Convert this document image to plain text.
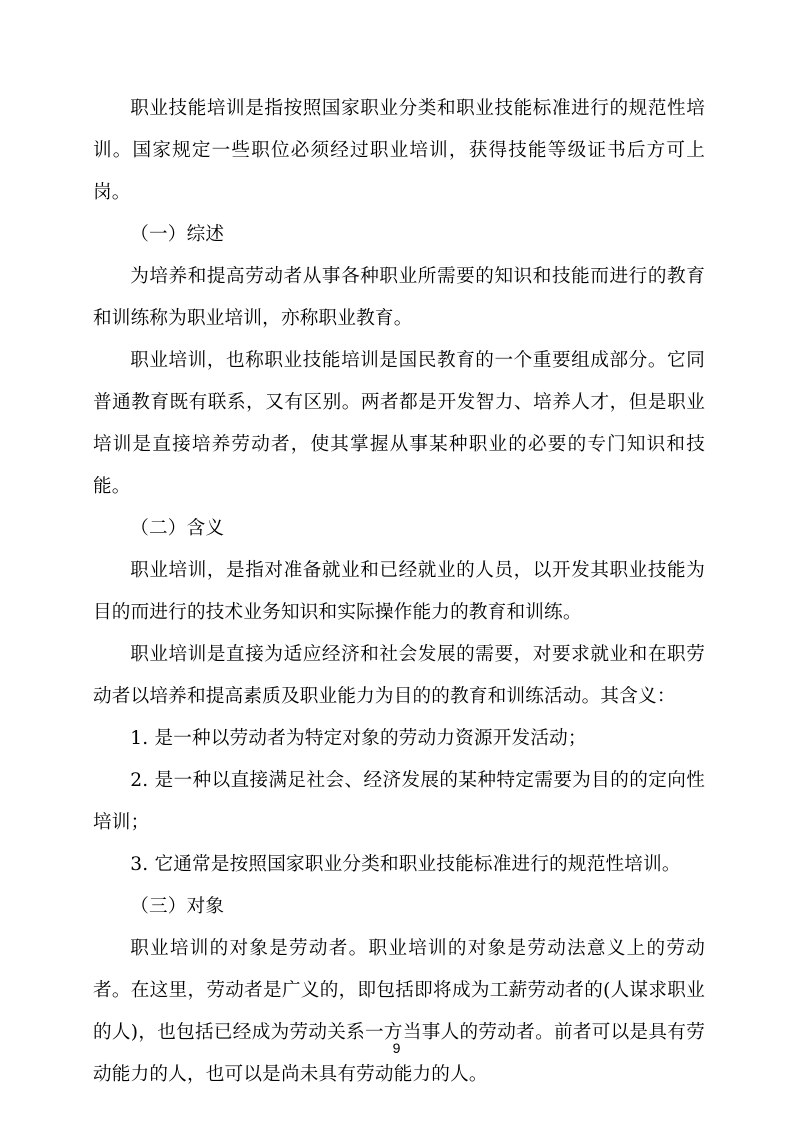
职业技能培训是指按照国家职业分类和职业技能标准进行的规范性培训。国家规定一些职位必须经过职业培训，获得技能等级证书后方可上岗。

（一）综述

为培养和提高劳动者从事各种职业所需要的知识和技能而进行的教育和训练称为职业培训，亦称职业教育。

职业培训，也称职业技能培训是国民教育的一个重要组成部分。它同普通教育既有联系，又有区别。两者都是开发智力、培养人才，但是职业培训是直接培养劳动者，使其掌握从事某种职业的必要的专门知识和技能。

（二）含义

职业培训，是指对准备就业和已经就业的人员，以开发其职业技能为目的而进行的技术业务知识和实际操作能力的教育和训练。

职业培训是直接为适应经济和社会发展的需要，对要求就业和在职劳动者以培养和提高素质及职业能力为目的的教育和训练活动。其含义：

1. 是一种以劳动者为特定对象的劳动力资源开发活动；

2. 是一种以直接满足社会、经济发展的某种特定需要为目的的定向性培训；

3. 它通常是按照国家职业分类和职业技能标准进行的规范性培训。

（三）对象

职业培训的对象是劳动者。职业培训的对象是劳动法意义上的劳动者。在这里，劳动者是广义的，即包括即将成为工薪劳动者的(人谋求职业的人)，也包括已经成为劳动关系一方当事人的劳动者。前者可以是具有劳动能力的人，也可以是尚未具有劳动能力的人。

9
